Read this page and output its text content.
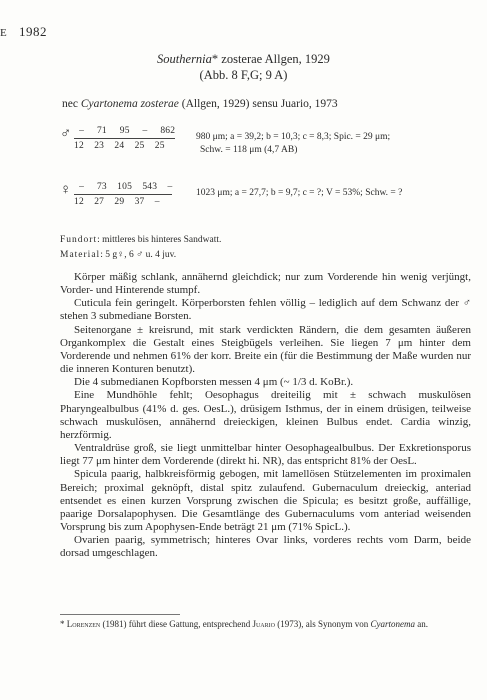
E 1982
Southernia* zosterae Allgen, 1929
(Abb. 8 F,G; 9 A)
nec Cyartonema zosterae (Allgen, 1929) sensu Juario, 1973
♂ –     71     95     –     862
12    23    24    25    25
980 μm; a = 39,2; b = 10,3; c = 8,3; Spic. = 29 μm;
Schw. = 118 μm (4,7 AB)
♀ –     73    105    543    –
12    27    29    37    –
1023 μm; a = 27,7; b = 9,7; c = ?; V = 53%; Schw. = ?
Fundort: mittleres bis hinteres Sandwatt.
Material: 5 g♀, 6 ♂ u. 4 juv.

Körper mäßig schlank, annähernd gleichdick; nur zum Vorderende hin wenig verjüngt, Vorder- und Hinterende stumpf.

Cuticula fein geringelt. Körperborsten fehlen völlig – lediglich auf dem Schwanz der ♂ stehen 3 submediane Borsten.

Seitenorgane ± kreisrund, mit stark verdickten Rändern, die dem gesamten äußeren Organkomplex die Gestalt eines Steigbügels verleihen. Sie liegen 7 μm hinter dem Vorderende und nehmen 61% der korr. Breite ein (für die Bestimmung der Maße wurden nur die inneren Konturen benutzt).

Die 4 submedianen Kopfborsten messen 4 μm (~ 1/3 d. KoBr.).

Eine Mundhöhle fehlt; Oesophagus dreiteilig mit ± schwach muskulösen Pharyngealbulbus (41% d. ges. OesL.), drüsigem Isthmus, der in einem drüsigen, teilweise schwach muskulösen, annähernd dreieckigen, kleinen Bulbus endet. Cardia winzig, herzförmig.

Ventraldrüse groß, sie liegt unmittelbar hinter Oesophagealbulbus. Der Exkretionsporus liegt 77 μm hinter dem Vorderende (direkt hi. NR), das entspricht 81% der OesL.

Spicula paarig, halbkreisförmig gebogen, mit lamellösen Stützelementen im proximalen Bereich; proximal geknöpft, distal spitz zulaufend. Gubernaculum dreieckig, anteriad entsendet es einen kurzen Vorsprung zwischen die Spicula; es besitzt große, auffällige, paarige Dorsalapophysen. Die Gesamtlänge des Gubernaculums vom anteriad weisenden Vorsprung bis zum Apophysen-Ende beträgt 21 μm (71% SpicL.).

Ovarien paarig, symmetrisch; hinteres Ovar links, vorderes rechts vom Darm, beide dorsad umgeschlagen.

* Lorenzen (1981) führt diese Gattung, entsprechend Juario (1973), als Synonym von Cyartonema an.
